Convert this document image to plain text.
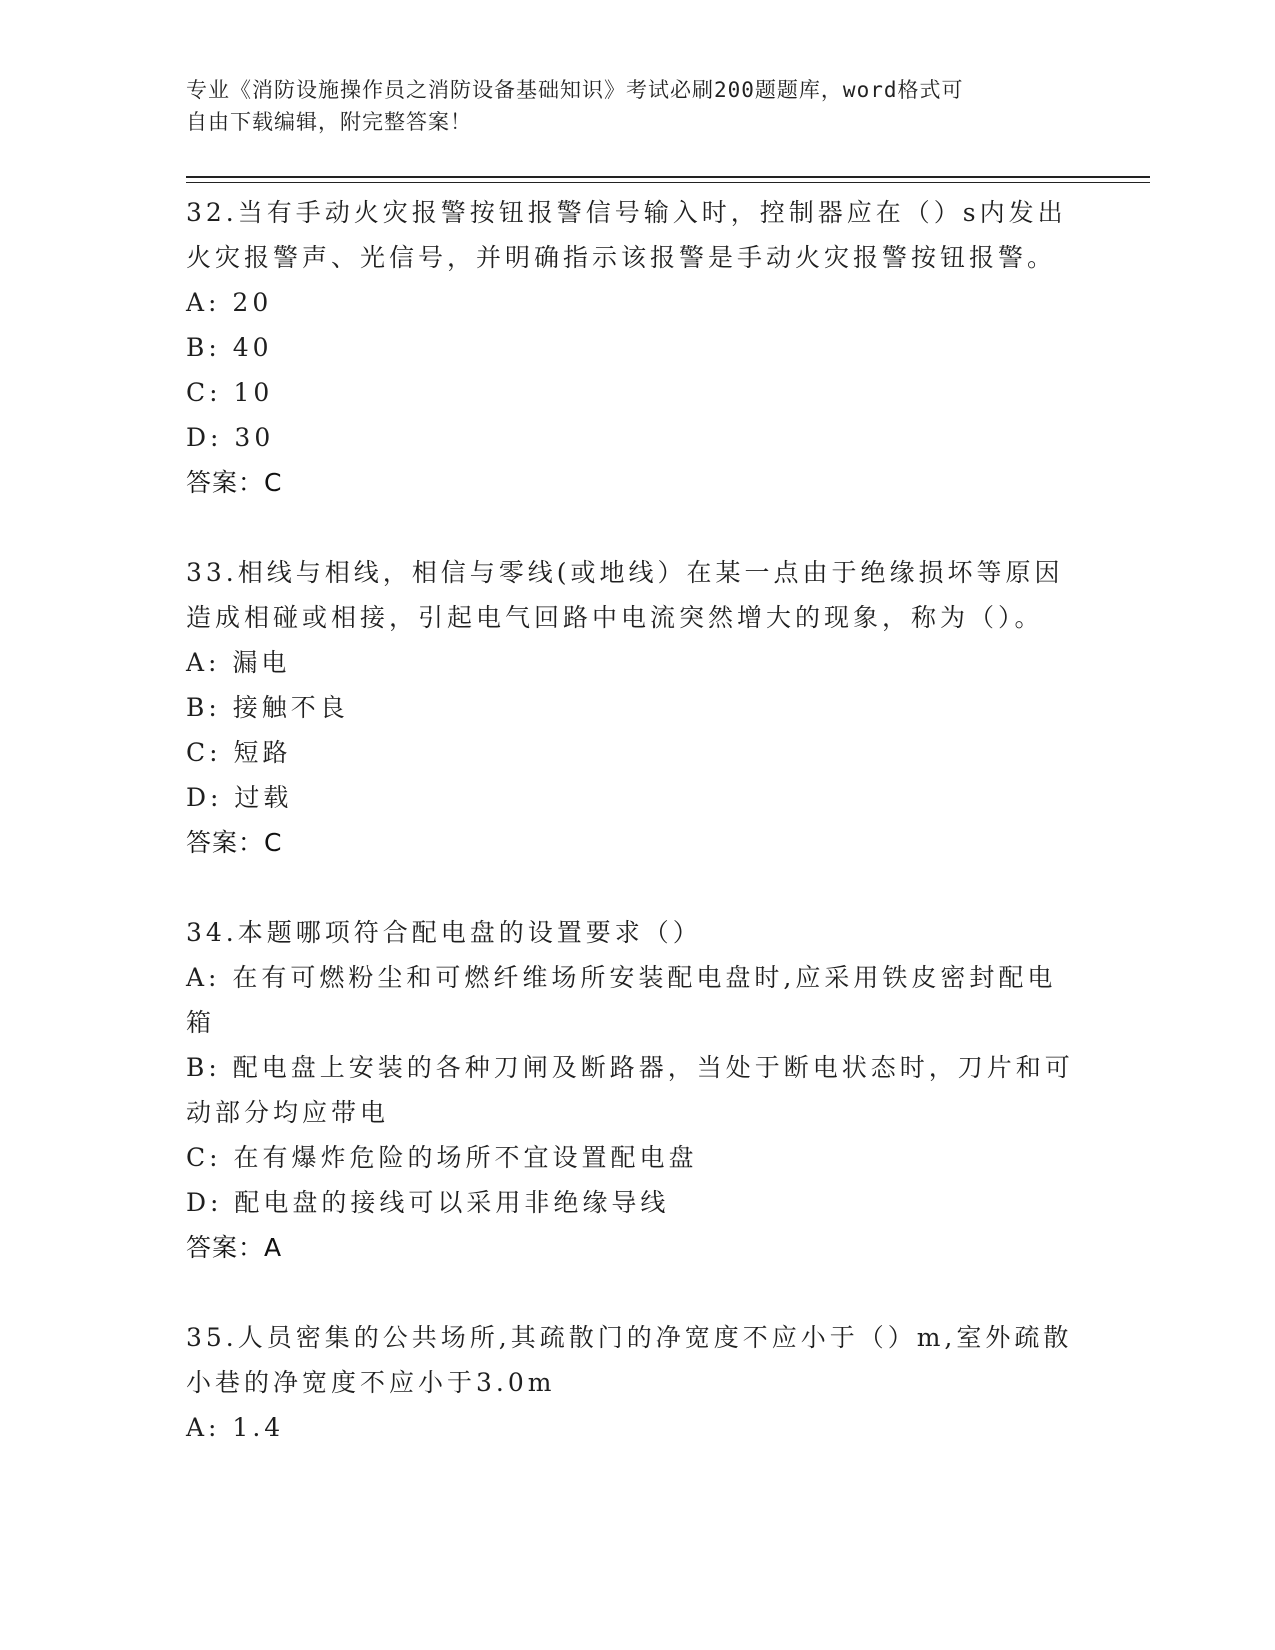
专业《消防设施操作员之消防设备基础知识》考试必刷200题题库，word格式可
自由下载编辑，附完整答案！
32.当有手动火灾报警按钮报警信号输入时，控制器应在（）s内发出火灾报警声、光信号，并明确指示该报警是手动火灾报警按钮报警。
A: 20
B: 40
C: 10
D: 30
答案：C
33.相线与相线，相信与零线(或地线）在某一点由于绝缘损坏等原因造成相碰或相接，引起电气回路中电流突然增大的现象，称为（）。
A: 漏电
B: 接触不良
C: 短路
D: 过载
答案：C
34.本题哪项符合配电盘的设置要求（）
A: 在有可燃粉尘和可燃纤维场所安装配电盘时,应采用铁皮密封配电箱
B: 配电盘上安装的各种刀闸及断路器，当处于断电状态时，刀片和可动部分均应带电
C: 在有爆炸危险的场所不宜设置配电盘
D: 配电盘的接线可以采用非绝缘导线
答案：A
35.人员密集的公共场所,其疏散门的净宽度不应小于（）m,室外疏散小巷的净宽度不应小于3.0m
A: 1.4
